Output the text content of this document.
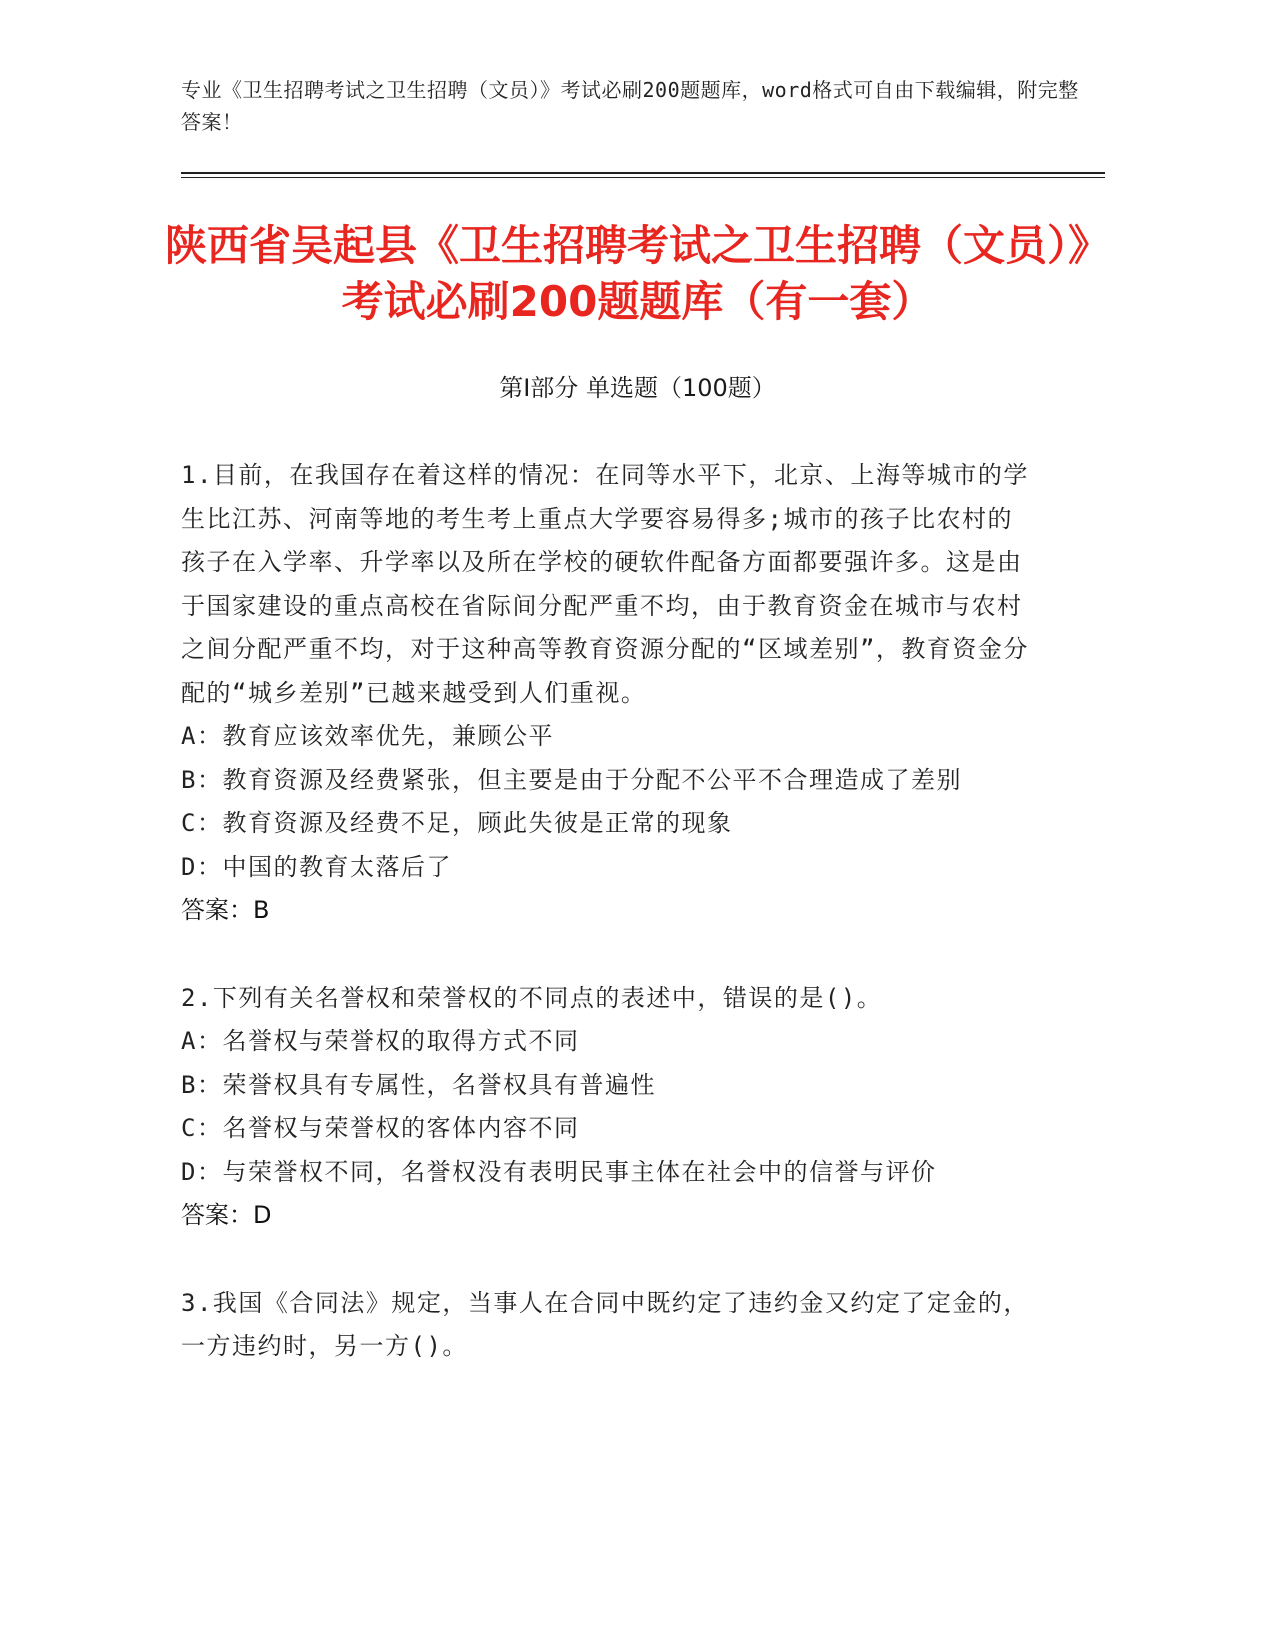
专业《卫生招聘考试之卫生招聘（文员）》考试必刷200题题库，word格式可自由下载编辑，附完整答案！
陕西省吴起县《卫生招聘考试之卫生招聘（文员）》考试必刷200题题库（有一套）
第I部分 单选题（100题）

1.目前，在我国存在着这样的情况：在同等水平下，北京、上海等城市的学生比江苏、河南等地的考生考上重点大学要容易得多;城市的孩子比农村的孩子在入学率、升学率以及所在学校的硬软件配备方面都要强许多。这是由于国家建设的重点高校在省际间分配严重不均，由于教育资金在城市与农村之间分配严重不均，对于这种高等教育资源分配的“区域差别”，教育资金分配的“城乡差别”已越来越受到人们重视。

A：教育应该效率优先，兼顾公平

B：教育资源及经费紧张，但主要是由于分配不公平不合理造成了差别

C：教育资源及经费不足，顾此失彼是正常的现象

D：中国的教育太落后了

答案：B

2.下列有关名誉权和荣誉权的不同点的表述中，错误的是()。

A：名誉权与荣誉权的取得方式不同

B：荣誉权具有专属性，名誉权具有普遍性

C：名誉权与荣誉权的客体内容不同

D：与荣誉权不同，名誉权没有表明民事主体在社会中的信誉与评价

答案：D

3.我国《合同法》规定，当事人在合同中既约定了违约金又约定了定金的，一方违约时，另一方()。
